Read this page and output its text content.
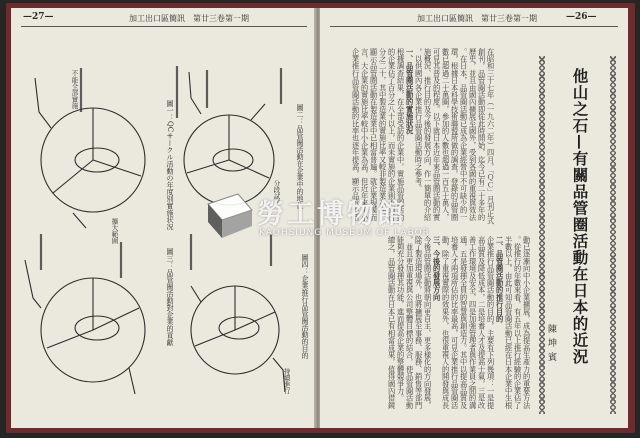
—27—	加工出口區簡訊　第廿三卷第一期
圖一：QCサークル活動の年度別實施状况	圖二：品管圈活動在企業中的地位
圖三：品管圈活動對企業的貢獻	圖四：企業推行品管圈活動的目的
不能全部實施
擴大範圍
分段試辦
持續進行
加工出口區簡訊　第廿三卷第一期	—26—
他山之石—有關品管圈活動在日本的近況
陳坤賓
在昭和三十七年（一九六二年）四月，「ＱＣ」月刊正式
創刊，品管圈活動即從此時開始，迄今已有二十多年的
歷史，並且由國內擴展至國外，受到各國的重視與效法
。在日本，品管圈活動已成為企業經營中不可缺少的一
環，根據日本科學技術聯盟所做的調查，登錄的品管圈
數已超過二十萬圈，參加的人數也超過一百五十萬人，
可見其普及的程度。以下就日本近年來品管圈活動的實
施概況、推行目的及今後的發展方向，作一簡單的介紹
，以供國內各企業推行品管圈活動時之參考。
一、品管圈活動的實施狀況
根據調查結果，在全部受訪的企業中，實施品管圈活動
的企業佔了百分之八十以上，而未實施的企業則不到百
分之二十，其中製造業的實施比率又較非製造業為高，
顯示品管圈活動在製造業中已相當普遍。就企業規模而
言，大企業的實施比率較中小企業為高，但近年來中小
企業推行品管圈活動的比率也逐年提高，顯示品管圈活
動已逐漸向中小企業擴展，成為提高生產力的重要方法
。從推行的年數來看，有五年以上推行經驗的企業佔了
半數以上，由此可知品管圈活動已經在日本企業中生根
二、品管圈活動的推行目的
企業推行品管圈活動的目的，主要有下列幾項：一是提
高品質及降低成本，二是培養人才及提高士氣，三是改
善工作環境及安全，四是加強管理者與作業員之間的溝
通，五是發揮全員的智慧與創造力。其中以提高品質及
培養人才兩項所佔的比率最高，可見企業推行品管圈活
動，除了重視實際的效果外，也很重視人的開發與成長
三、今後的發展方向
今後品管圈活動將朝向更自主、更多樣化的方向發展，
除了製造現場外，也將擴展至事務、服務、銷售等部門
，並且更加重視與公司整體目標的結合，使品管圈活動
能夠充分發揮其功能，進而提高企業的整體競爭力。
總之，品管圈活動在日本已有相當成果，值得國內借鏡
勞工博物館
KAOHSIUNG MUSEUM OF LABOR
